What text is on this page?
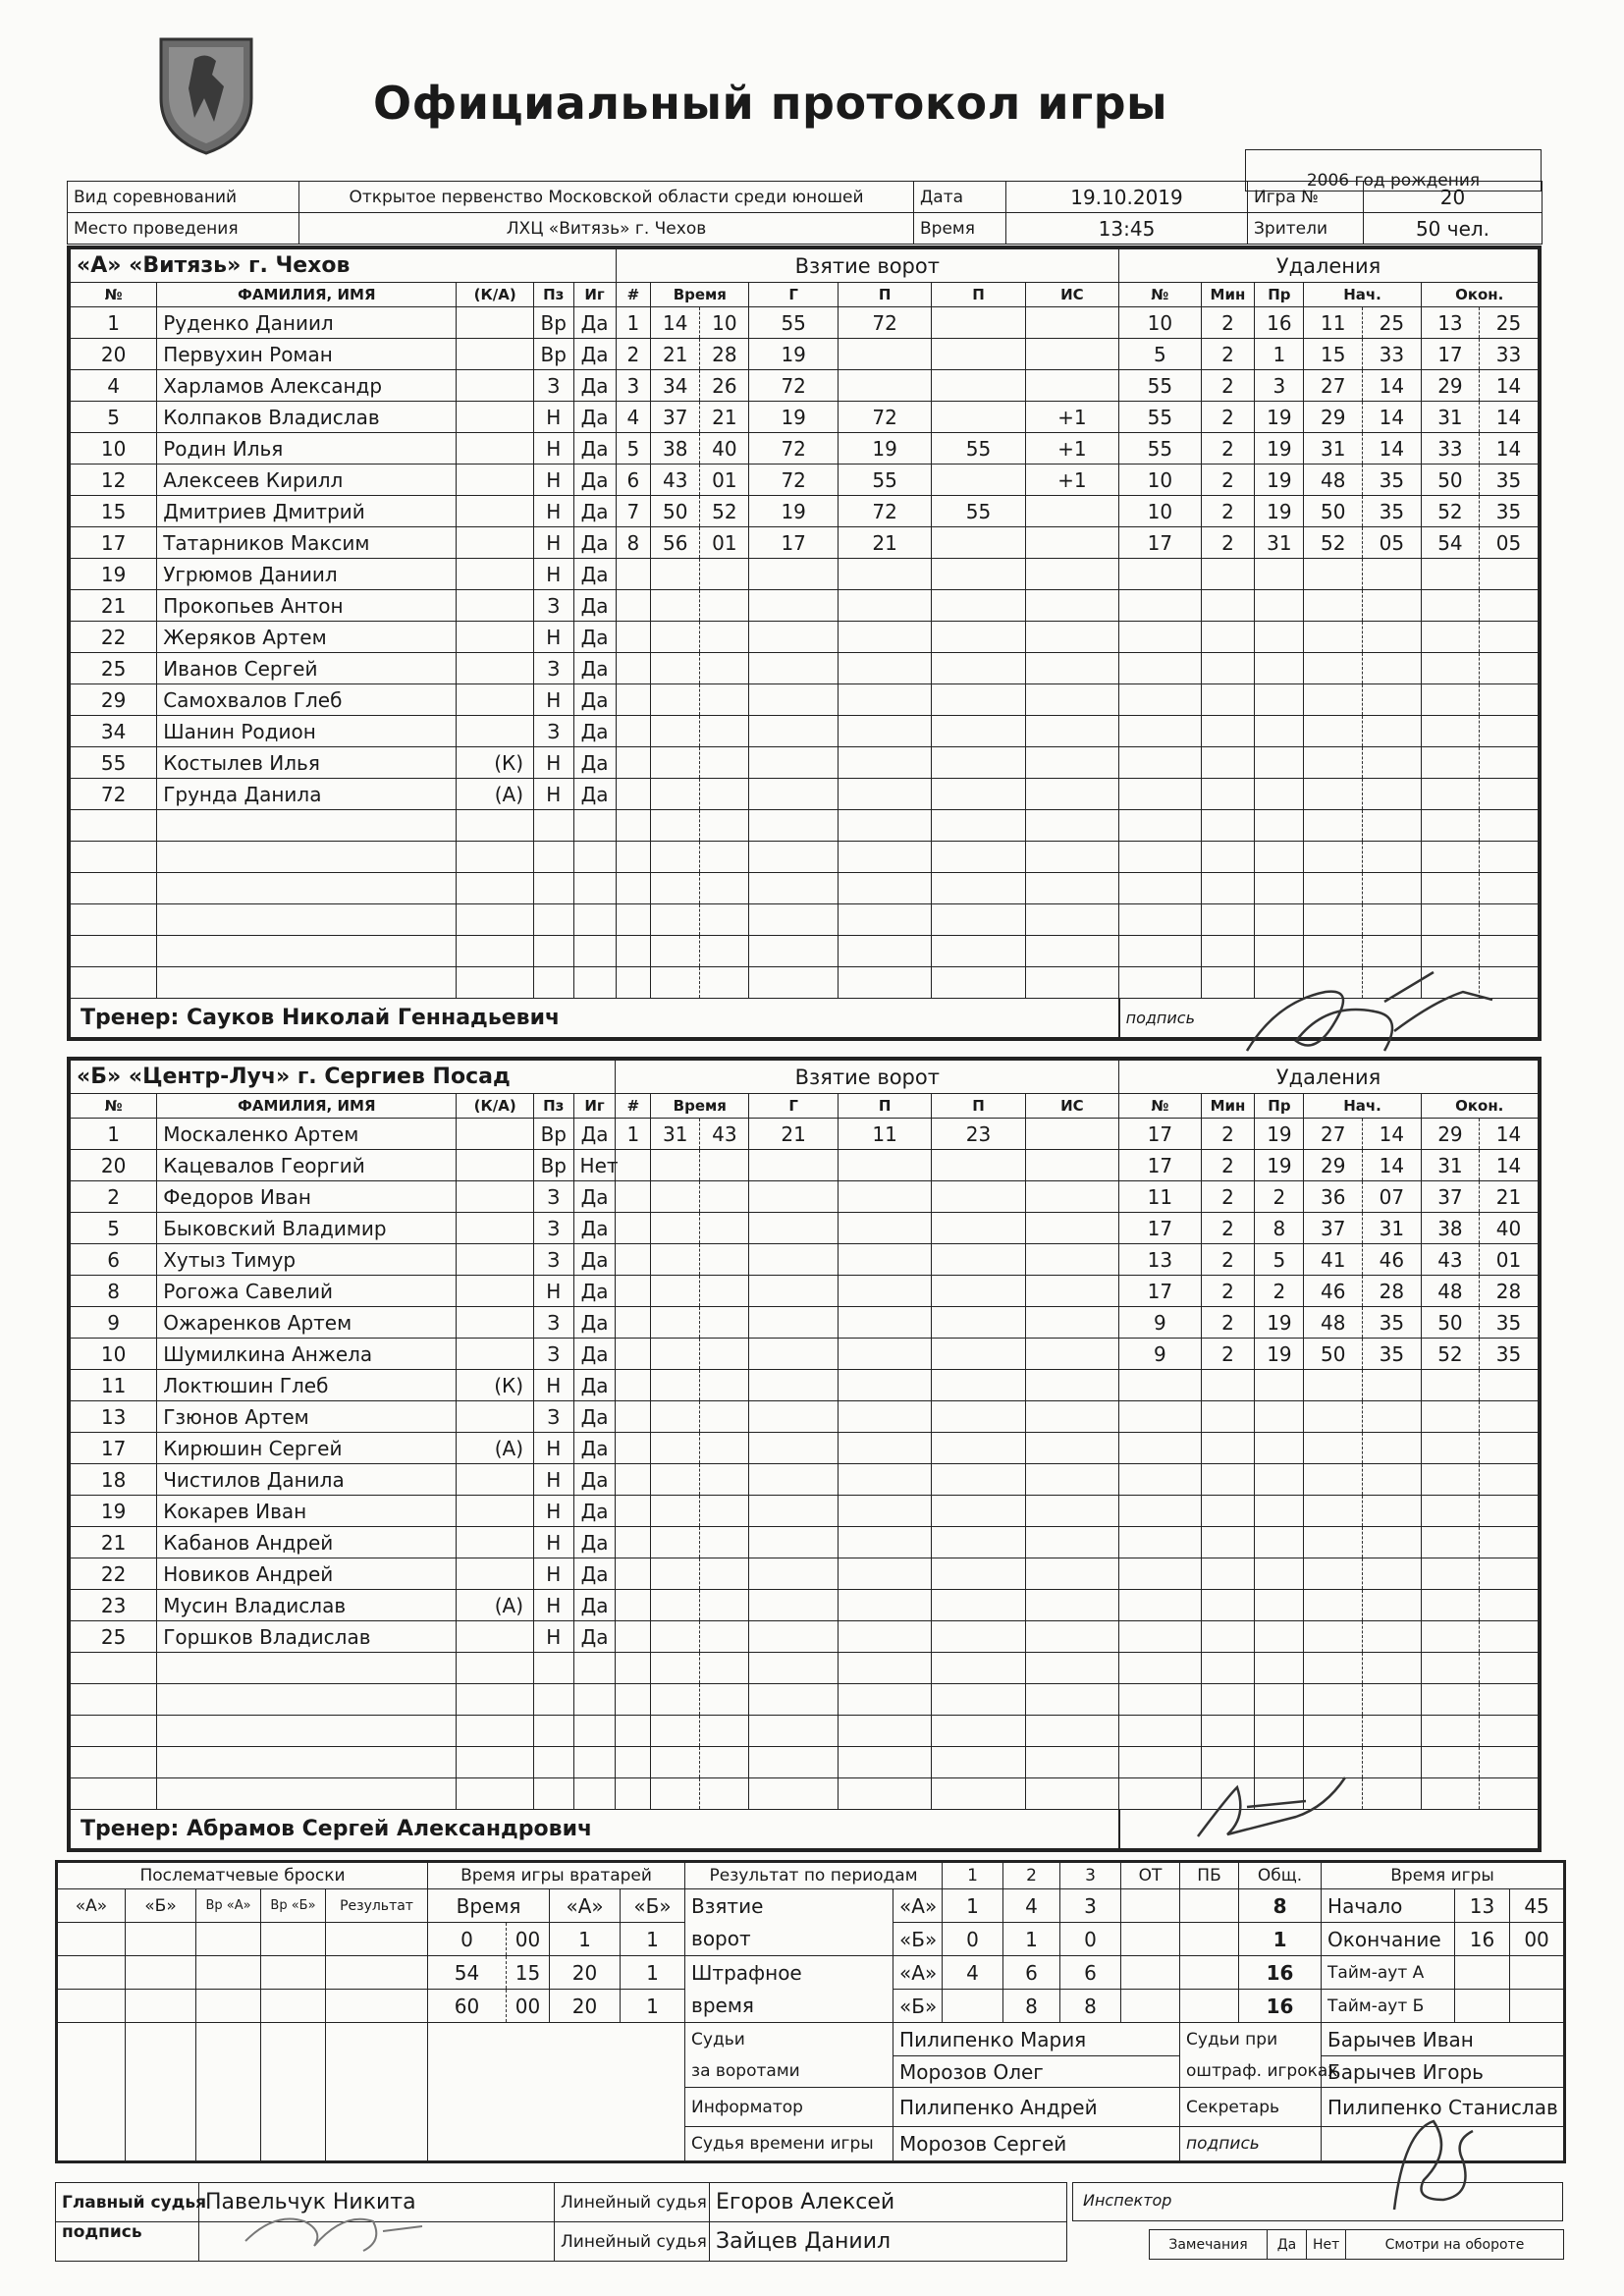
Официальный протокол игры
2006 год рождения
Вид соревнований	Открытое первенство Московской области среди юношей	Дата	19.10.2019	Игра №	20
Место проведения	ЛХЦ «Витязь» г. Чехов	Время	13:45	Зрители	50 чел.
«А» «Витязь» г. Чехов					Взятие ворот							Удаления							
№	ФАМИЛИЯ, ИМЯ	(К/А)	Пз	Иг	#	Время		Г	П	П	ИС	№	Мин	Пр	Нач.		Окон.		
1	Руденко Даниил		Вр	Да	1	14	10	55	72			10	2	16	11	25	13	25	
20	Первухин Роман		Вр	Да	2	21	28	19				5	2	1	15	33	17	33	
4	Харламов Александр		З	Да	3	34	26	72				55	2	3	27	14	29	14	
5	Колпаков Владислав		Н	Да	4	37	21	19	72		+1	55	2	19	29	14	31	14	
10	Родин Илья		Н	Да	5	38	40	72	19	55	+1	55	2	19	31	14	33	14	
12	Алексеев Кирилл		Н	Да	6	43	01	72	55		+1	10	2	19	48	35	50	35	
15	Дмитриев Дмитрий		Н	Да	7	50	52	19	72	55		10	2	19	50	35	52	35	
17	Татарников Максим		Н	Да	8	56	01	17	21			17	2	31	52	05	54	05	
19	Угрюмов Даниил		Н	Да															
21	Прокопьев Антон		З	Да															
22	Жеряков Артем		Н	Да															
25	Иванов Сергей		З	Да															
29	Самохвалов Глеб		Н	Да															
34	Шанин Родион		З	Да															
55	Костылев Илья	(К)	Н	Да															
72	Грунда Данила	(А)	Н	Да															

Тренер: Сауков Николай Геннадьевич												подпись							
«Б» «Центр-Луч» г. Сергиев Посад					Взятие ворот							Удаления							
№	ФАМИЛИЯ, ИМЯ	(К/А)	Пз	Иг	#	Время		Г	П	П	ИС	№	Мин	Пр	Нач.		Окон.		
1	Москаленко Артем		Вр	Да	1	31	43	21	11	23		17	2	19	27	14	29	14	
20	Кацевалов Георгий		Вр	Нет								17	2	19	29	14	31	14	
2	Федоров Иван		З	Да								11	2	2	36	07	37	21	
5	Быковский Владимир		З	Да								17	2	8	37	31	38	40	
6	Хутыз Тимур		З	Да								13	2	5	41	46	43	01	
8	Рогожа Савелий		Н	Да								17	2	2	46	28	48	28	
9	Ожаренков Артем		З	Да								9	2	19	48	35	50	35	
10	Шумилкина Анжела		З	Да								9	2	19	50	35	52	35	
11	Локтюшин Глеб	(К)	Н	Да															
13	Гзюнов Артем		З	Да															
17	Кирюшин Сергей	(А)	Н	Да															
18	Чистилов Данила		Н	Да															
19	Кокарев Иван		Н	Да															
21	Кабанов Андрей		Н	Да															
22	Новиков Андрей		Н	Да															
23	Мусин Владислав	(А)	Н	Да															
25	Горшков Владислав		Н	Да															

Тренер: Абрамов Сергей Александрович																			
Послематчевые броски					Время игры вратарей				Результат по периодам		1	2	3	ОТ	ПБ	Общ.	Время игры		
«А»	«Б»	Вр «А»	Вр «Б»	Результат	Время		«А»	«Б»	Взятие	«А»	1	4	3			8	Начало	13	45
					0	00	1	1	ворот	«Б»	0	1	0			1	Окончание	16	00
					54	15	20	1	Штрафное	«А»	4	6	6			16	Тайм-аут А		
					60	00	20	1	время	«Б»		8	8			16	Тайм-аут Б		
									Судьи	Пилипенко Мария					Судьи при		Барычев Иван		
									за воротами	Морозов Олег					оштраф. игроках		Барычев Игорь		
									Информатор	Пилипенко Андрей					Секретарь		Пилипенко Станислав		
									Судья времени игры	Морозов Сергей					подпись				
Главный судья	Павельчук Никита	Линейный судья	Егоров Алексей
подпись		Линейный судья	Зайцев Даниил
Инспектор
Замечания	Да	Нет	Смотри на обороте
